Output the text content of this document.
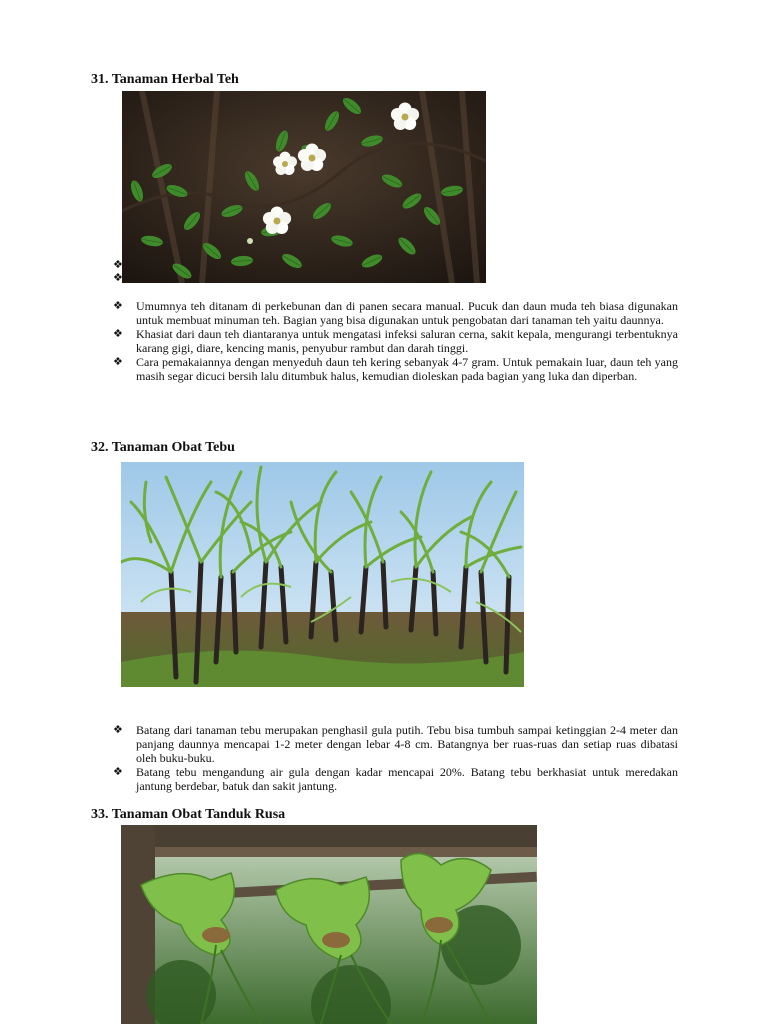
31. Tanaman Herbal Teh
❖
❖
❖ Umumnya teh ditanam di perkebunan dan di panen secara manual. Pucuk dan daun muda teh biasa digunakan untuk membuat minuman teh. Bagian yang bisa digunakan untuk pengobatan dari tanaman teh yaitu daunnya.
❖ Khasiat dari daun teh diantaranya untuk mengatasi infeksi saluran cerna, sakit kepala, mengurangi terbentuknya karang gigi, diare, kencing manis, penyubur rambut dan darah tinggi.
❖ Cara pemakaiannya dengan menyeduh daun teh kering sebanyak 4-7 gram. Untuk pemakain luar, daun teh yang masih segar dicuci bersih lalu ditumbuk halus, kemudian dioleskan pada bagian yang luka dan diperban.
32. Tanaman Obat Tebu
❖ Batang dari tanaman tebu merupakan penghasil gula putih. Tebu bisa tumbuh sampai ketinggian 2-4 meter dan panjang daunnya mencapai 1-2 meter dengan lebar 4-8 cm. Batangnya ber ruas-ruas dan setiap ruas dibatasi oleh buku-buku.
❖ Batang tebu mengandung air gula dengan kadar mencapai 20%. Batang tebu berkhasiat untuk meredakan jantung berdebar, batuk dan sakit jantung.
33. Tanaman Obat Tanduk Rusa
